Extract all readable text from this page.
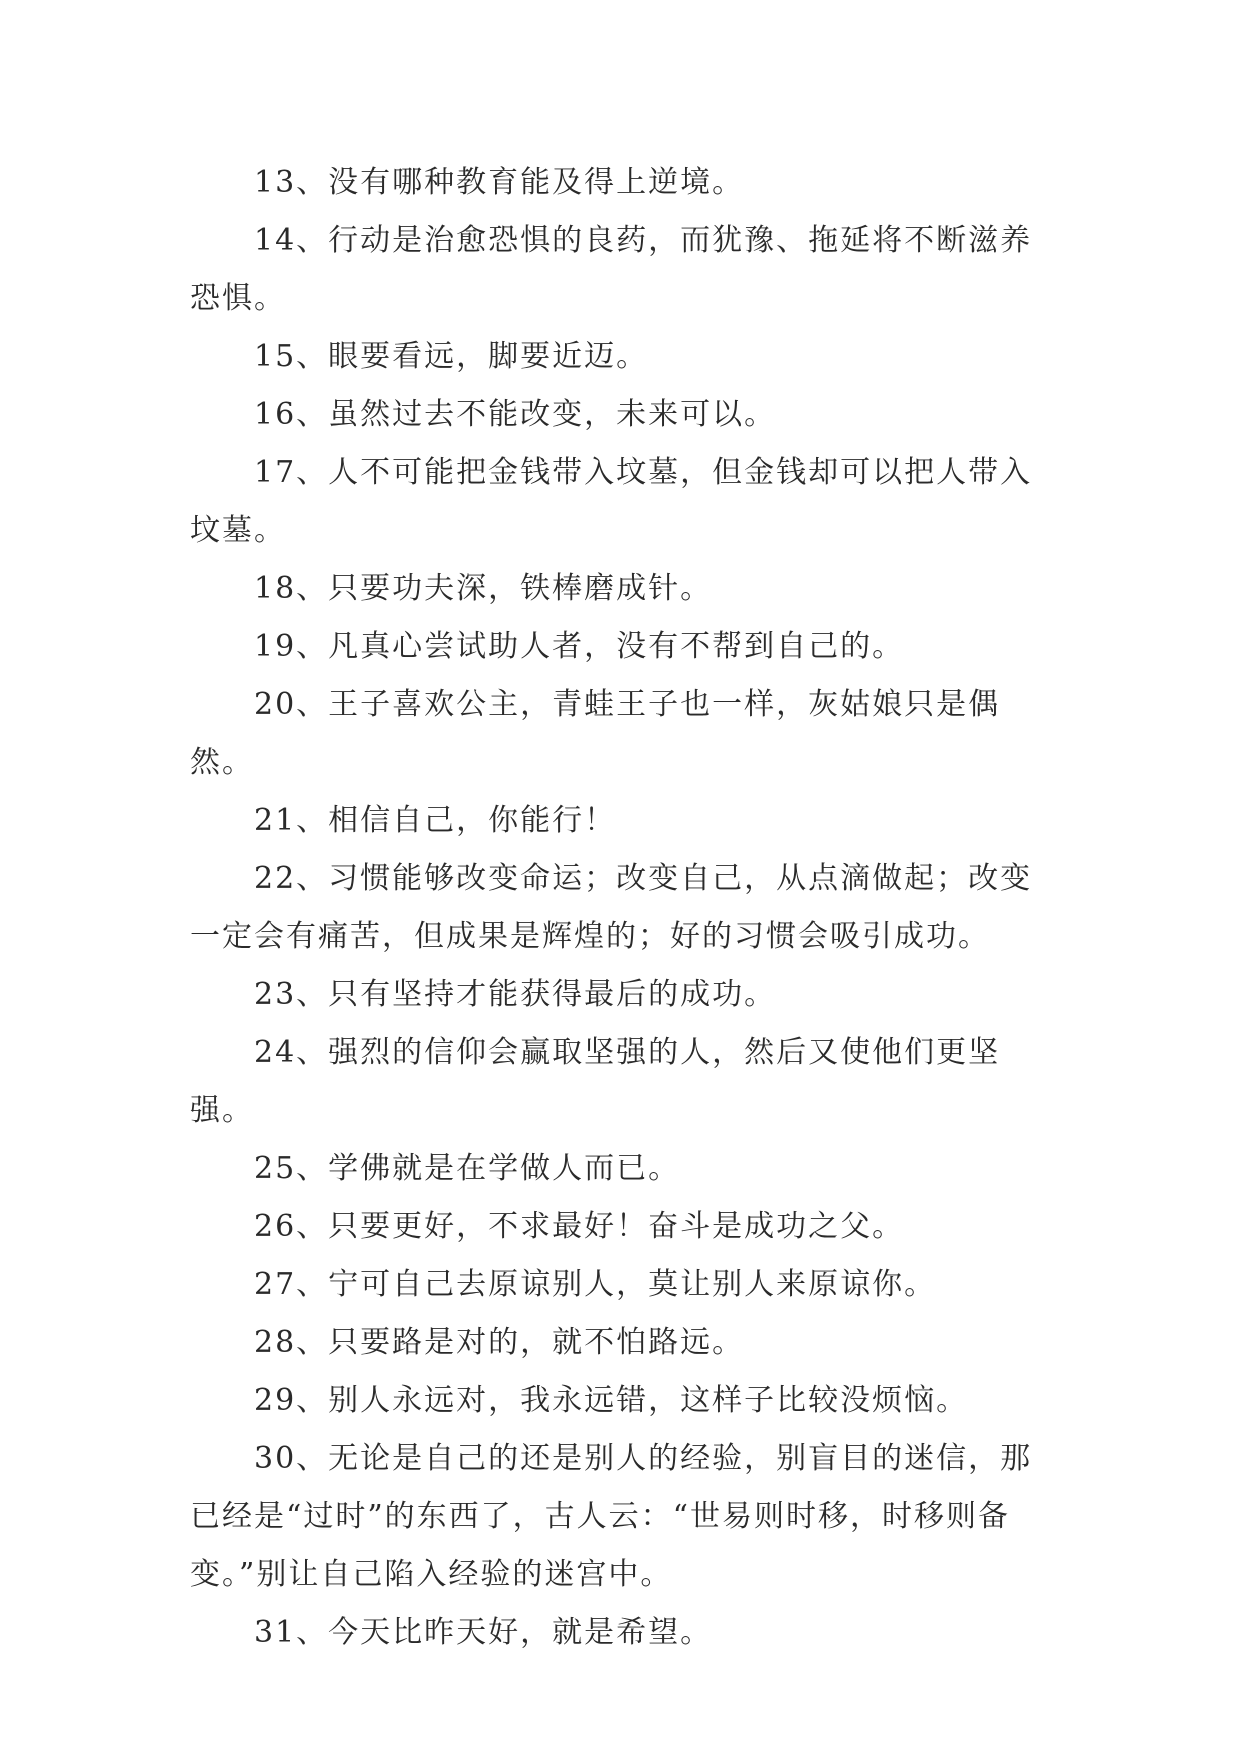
13、没有哪种教育能及得上逆境。

14、行动是治愈恐惧的良药，而犹豫、拖延将不断滋养恐惧。

15、眼要看远，脚要近迈。

16、虽然过去不能改变，未来可以。

17、人不可能把金钱带入坟墓，但金钱却可以把人带入坟墓。

18、只要功夫深，铁棒磨成针。

19、凡真心尝试助人者，没有不帮到自己的。

20、王子喜欢公主，青蛙王子也一样，灰姑娘只是偶然。

21、相信自己，你能行！

22、习惯能够改变命运；改变自己，从点滴做起；改变一定会有痛苦，但成果是辉煌的；好的习惯会吸引成功。

23、只有坚持才能获得最后的成功。

24、强烈的信仰会赢取坚强的人，然后又使他们更坚强。

25、学佛就是在学做人而已。

26、只要更好，不求最好！奋斗是成功之父。

27、宁可自己去原谅别人，莫让别人来原谅你。

28、只要路是对的，就不怕路远。

29、别人永远对，我永远错，这样子比较没烦恼。

30、无论是自己的还是别人的经验，别盲目的迷信，那已经是“过时”的东西了，古人云：“世易则时移，时移则备变。”别让自己陷入经验的迷宫中。

31、今天比昨天好，就是希望。
